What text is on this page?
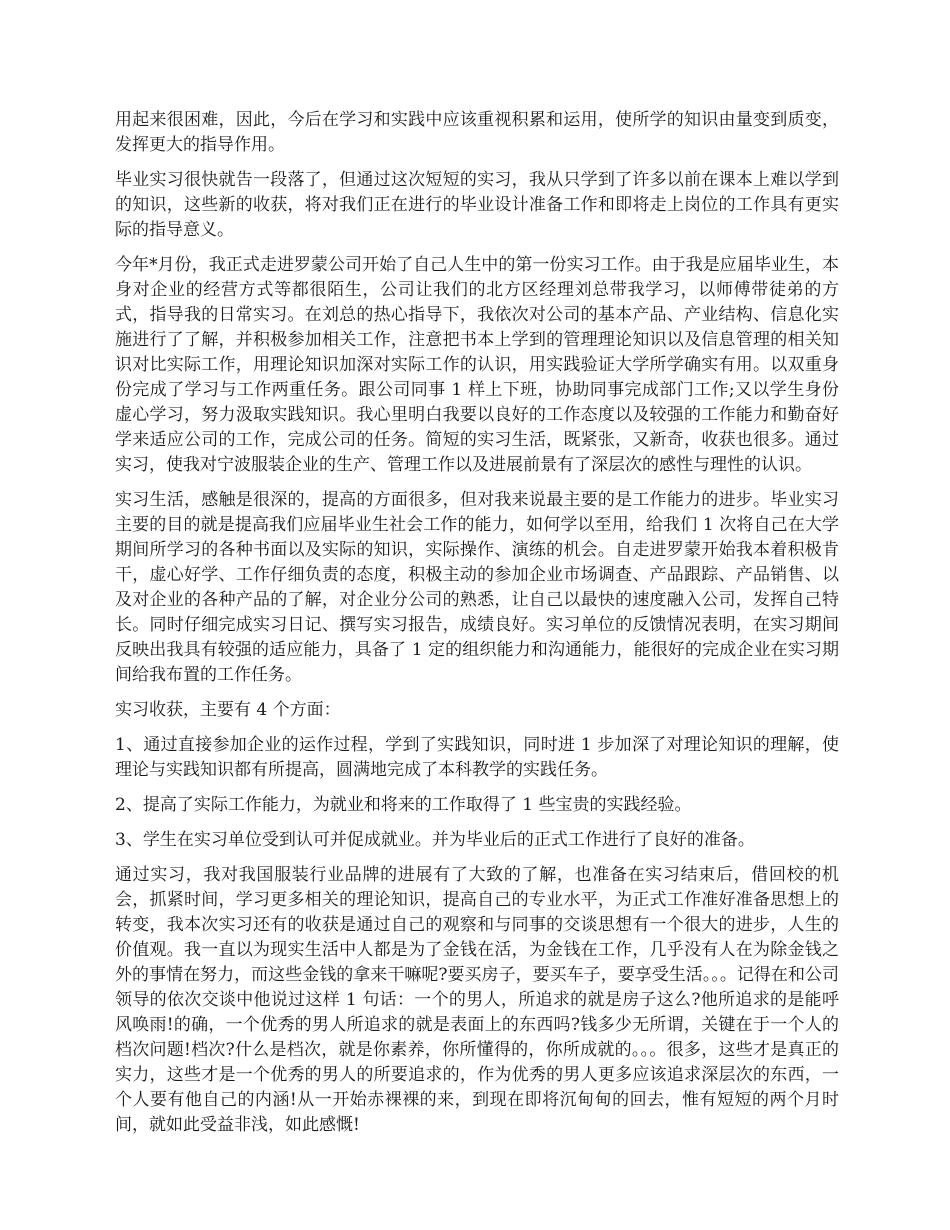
用起来很困难，因此，今后在学习和实践中应该重视积累和运用，使所学的知识由量变到质变，发挥更大的指导作用。

毕业实习很快就告一段落了，但通过这次短短的实习，我从只学到了许多以前在课本上难以学到的知识，这些新的收获，将对我们正在进行的毕业设计准备工作和即将走上岗位的工作具有更实际的指导意义。

今年*月份，我正式走进罗蒙公司开始了自己人生中的第一份实习工作。由于我是应届毕业生，本身对企业的经营方式等都很陌生，公司让我们的北方区经理刘总带我学习，以师傅带徒弟的方式，指导我的日常实习。在刘总的热心指导下，我依次对公司的基本产品、产业结构、信息化实施进行了了解，并积极参加相关工作，注意把书本上学到的管理理论知识以及信息管理的相关知识对比实际工作，用理论知识加深对实际工作的认识，用实践验证大学所学确实有用。以双重身份完成了学习与工作两重任务。跟公司同事 1 样上下班，协助同事完成部门工作;又以学生身份虚心学习，努力汲取实践知识。我心里明白我要以良好的工作态度以及较强的工作能力和勤奋好学来适应公司的工作，完成公司的任务。简短的实习生活，既紧张，又新奇，收获也很多。通过实习，使我对宁波服装企业的生产、管理工作以及进展前景有了深层次的感性与理性的认识。

实习生活，感触是很深的，提高的方面很多，但对我来说最主要的是工作能力的进步。毕业实习主要的目的就是提高我们应届毕业生社会工作的能力，如何学以至用，给我们 1 次将自己在大学期间所学习的各种书面以及实际的知识，实际操作、演练的机会。自走进罗蒙开始我本着积极肯干，虚心好学、工作仔细负责的态度，积极主动的参加企业市场调查、产品跟踪、产品销售、以及对企业的各种产品的了解，对企业分公司的熟悉，让自己以最快的速度融入公司，发挥自己特长。同时仔细完成实习日记、撰写实习报告，成绩良好。实习单位的反馈情况表明，在实习期间反映出我具有较强的适应能力，具备了 1 定的组织能力和沟通能力，能很好的完成企业在实习期间给我布置的工作任务。

实习收获，主要有 4 个方面：

1、通过直接参加企业的运作过程，学到了实践知识，同时进 1 步加深了对理论知识的理解，使理论与实践知识都有所提高，圆满地完成了本科教学的实践任务。

2、提高了实际工作能力，为就业和将来的工作取得了 1 些宝贵的实践经验。

3、学生在实习单位受到认可并促成就业。并为毕业后的正式工作进行了良好的准备。

通过实习，我对我国服装行业品牌的进展有了大致的了解，也准备在实习结束后，借回校的机会，抓紧时间，学习更多相关的理论知识，提高自己的专业水平，为正式工作准好准备思想上的转变，我本次实习还有的收获是通过自己的观察和与同事的交谈思想有一个很大的进步，人生的价值观。我一直以为现实生活中人都是为了金钱在活，为金钱在工作，几乎没有人在为除金钱之外的事情在努力，而这些金钱的拿来干嘛呢?要买房子，要买车子，要享受生活。。。记得在和公司领导的依次交谈中他说过这样 1 句话：一个的男人，所追求的就是房子这么?他所追求的是能呼风唤雨!的确，一个优秀的男人所追求的就是表面上的东西吗?钱多少无所谓，关键在于一个人的档次问题!档次?什么是档次，就是你素养，你所懂得的，你所成就的。。。很多，这些才是真正的实力，这些才是一个优秀的男人的所要追求的，作为优秀的男人更多应该追求深层次的东西，一个人要有他自己的内涵!从一开始赤裸裸的来，到现在即将沉甸甸的回去，惟有短短的两个月时间，就如此受益非浅，如此感慨!
